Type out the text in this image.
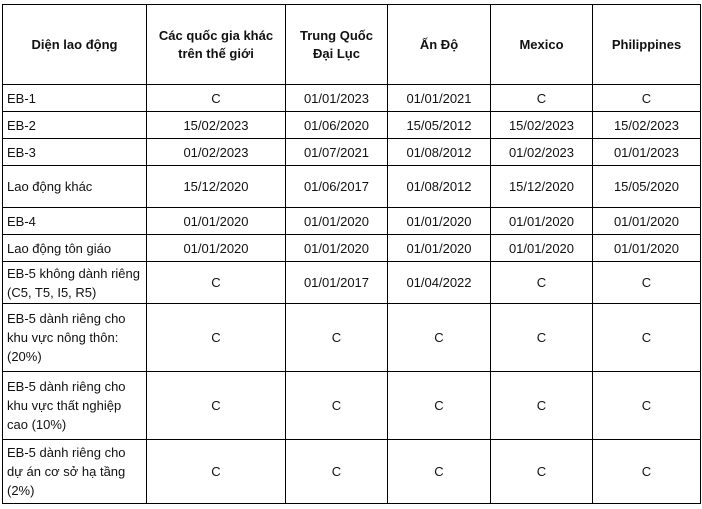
Diện lao động	Các quốc gia khác trên thế giới	Trung Quốc Đại Lục	Ấn Độ	Mexico	Philippines
EB-1	C	01/01/2023	01/01/2021	C	C
EB-2	15/02/2023	01/06/2020	15/05/2012	15/02/2023	15/02/2023
EB-3	01/02/2023	01/07/2021	01/08/2012	01/02/2023	01/01/2023
Lao động khác	15/12/2020	01/06/2017	01/08/2012	15/12/2020	15/05/2020
EB-4	01/01/2020	01/01/2020	01/01/2020	01/01/2020	01/01/2020
Lao động tôn giáo	01/01/2020	01/01/2020	01/01/2020	01/01/2020	01/01/2020
EB-5 không dành riêng (C5, T5, I5, R5)	C	01/01/2017	01/04/2022	C	C
EB-5 dành riêng cho khu vực nông thôn: (20%)	C	C	C	C	C
EB-5 dành riêng cho khu vực thất nghiệp cao (10%)	C	C	C	C	C
EB-5 dành riêng cho dự án cơ sở hạ tầng (2%)	C	C	C	C	C
